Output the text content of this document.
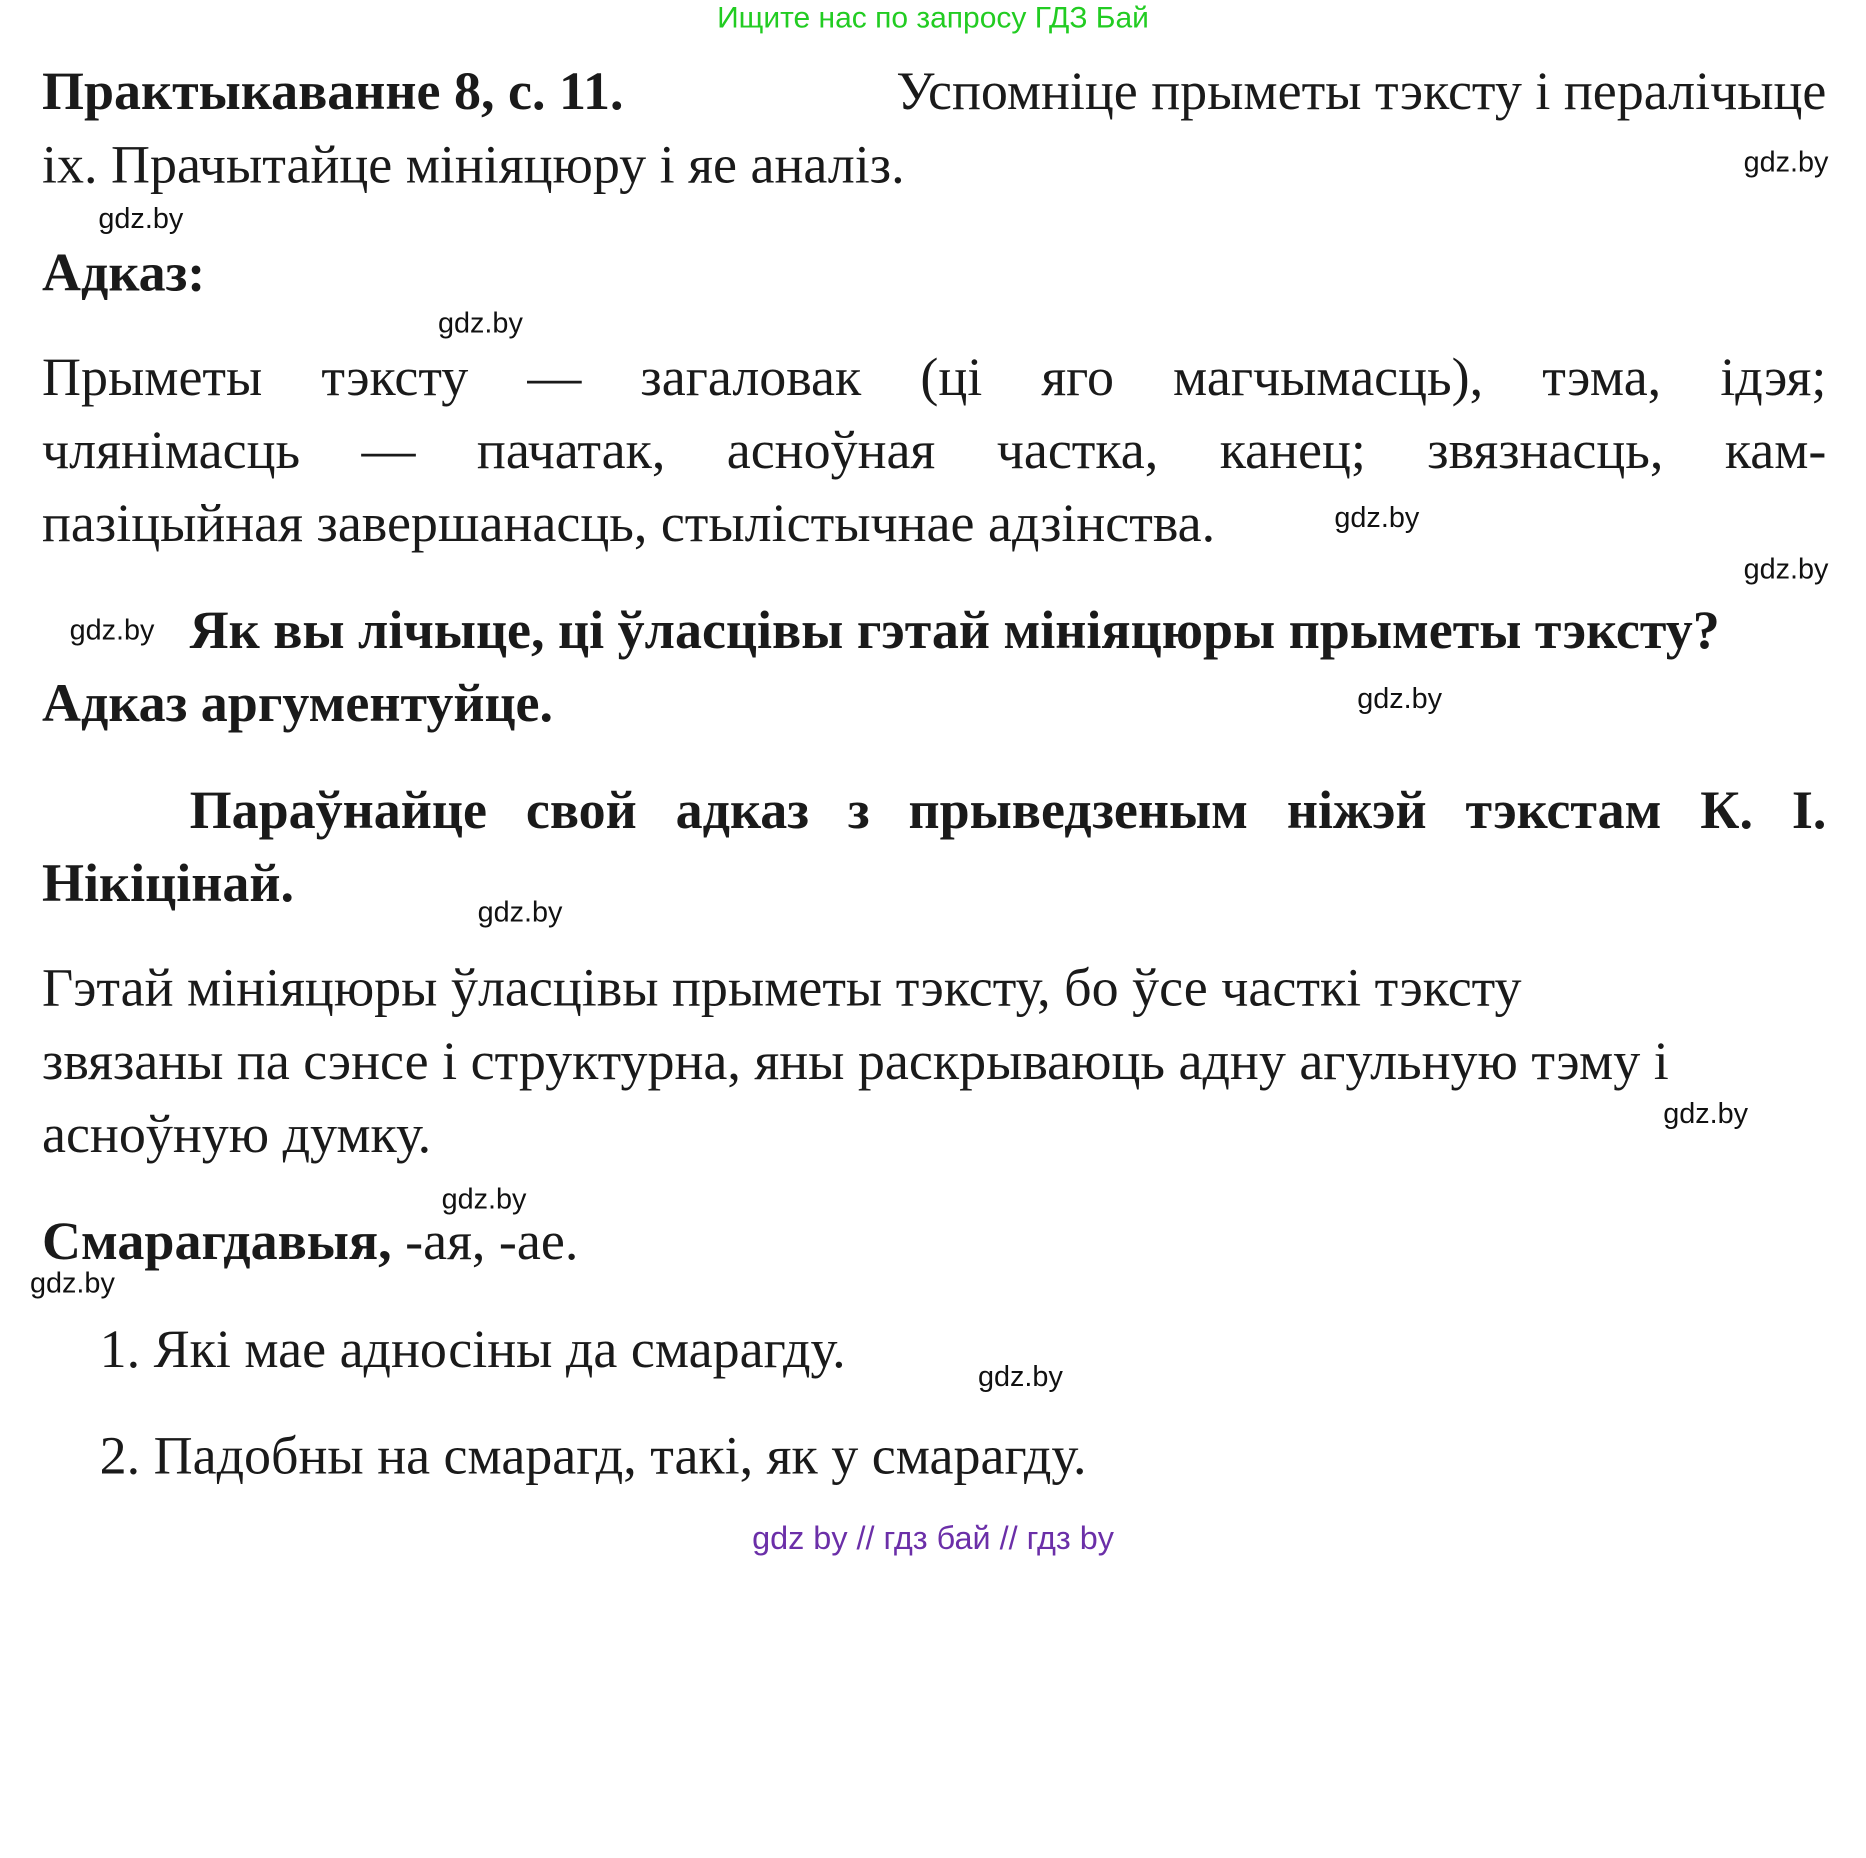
Ищите нас по запросу ГДЗ Бай
Практыкаванне 8, с. 11.	Успомніце прыметы тэксту і пералічыце
іх. Прачытайце мініяцюру і яе аналіз.
Адказ:
Прыметы тэксту — загаловак (ці яго магчымасць), тэма, ідэя;
члянімасць — пачатак, асноўная частка, канец; звязнасць, кам-
пазіцыйная завершанасць, стылістычнае адзінства.
Як вы лічыце, ці ўласцівы гэтай мініяцюры прыметы тэксту?
Адказ аргументуйце.
Параўнайце свой адказ з прыведзеным ніжэй тэкстам К. І.
Нікіцінай.
Гэтай мініяцюры ўласцівы прыметы тэксту, бо ўсе часткі тэксту
звязаны па сэнсе і структурна, яны раскрываюць адну агульную тэму і
асноўную думку.
Смарагдавыя, -ая, -ае.
1. Які мае адносіны да смарагду.
2. Падобны на смарагд, такі, як у смарагду.
gdz.by
gdz.by
gdz.by
gdz.by
gdz.by
gdz.by
gdz.by
gdz.by
gdz.by
gdz.by
gdz.by
gdz.by
gdz by // гдз бай // гдз by
